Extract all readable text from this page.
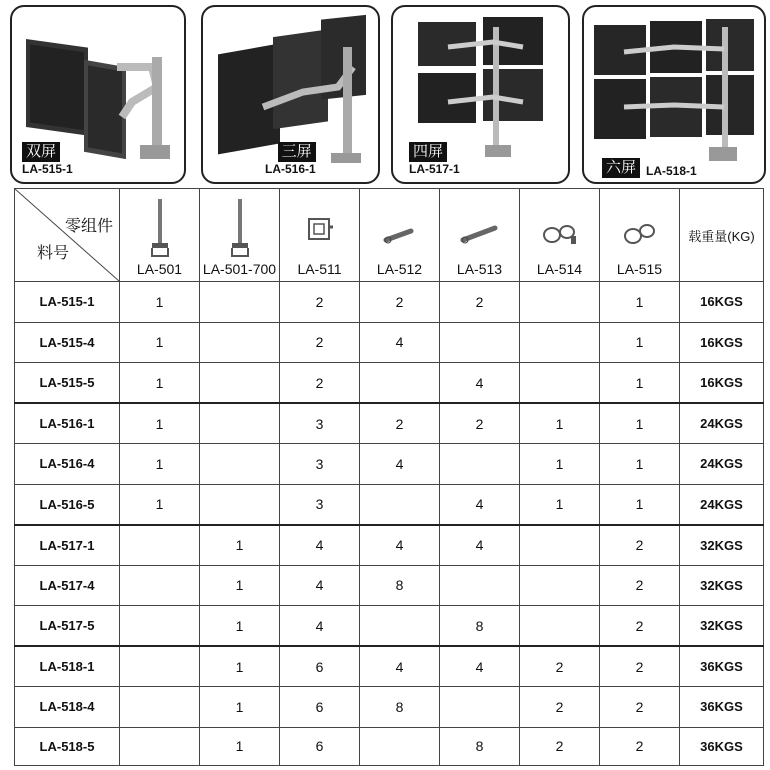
双屏
LA-515-1
三屏
LA-516-1
四屏
LA-517-1	六屏 LA-518-1
零组件
料号	LA-501	LA-501-700	LA-511	LA-512	LA-513	LA-514	LA-515	载重量(KG)
LA-515-1	1		2	2	2		1	16KGS
LA-515-4	1		2	4			1	16KGS
LA-515-5	1		2		4		1	16KGS
LA-516-1	1		3	2	2	1	1	24KGS
LA-516-4	1		3	4		1	1	24KGS
LA-516-5	1		3		4	1	1	24KGS
LA-517-1		1	4	4	4		2	32KGS
LA-517-4		1	4	8			2	32KGS
LA-517-5		1	4		8		2	32KGS
LA-518-1		1	6	4	4	2	2	36KGS
LA-518-4		1	6	8		2	2	36KGS
LA-518-5		1	6		8	2	2	36KGS
